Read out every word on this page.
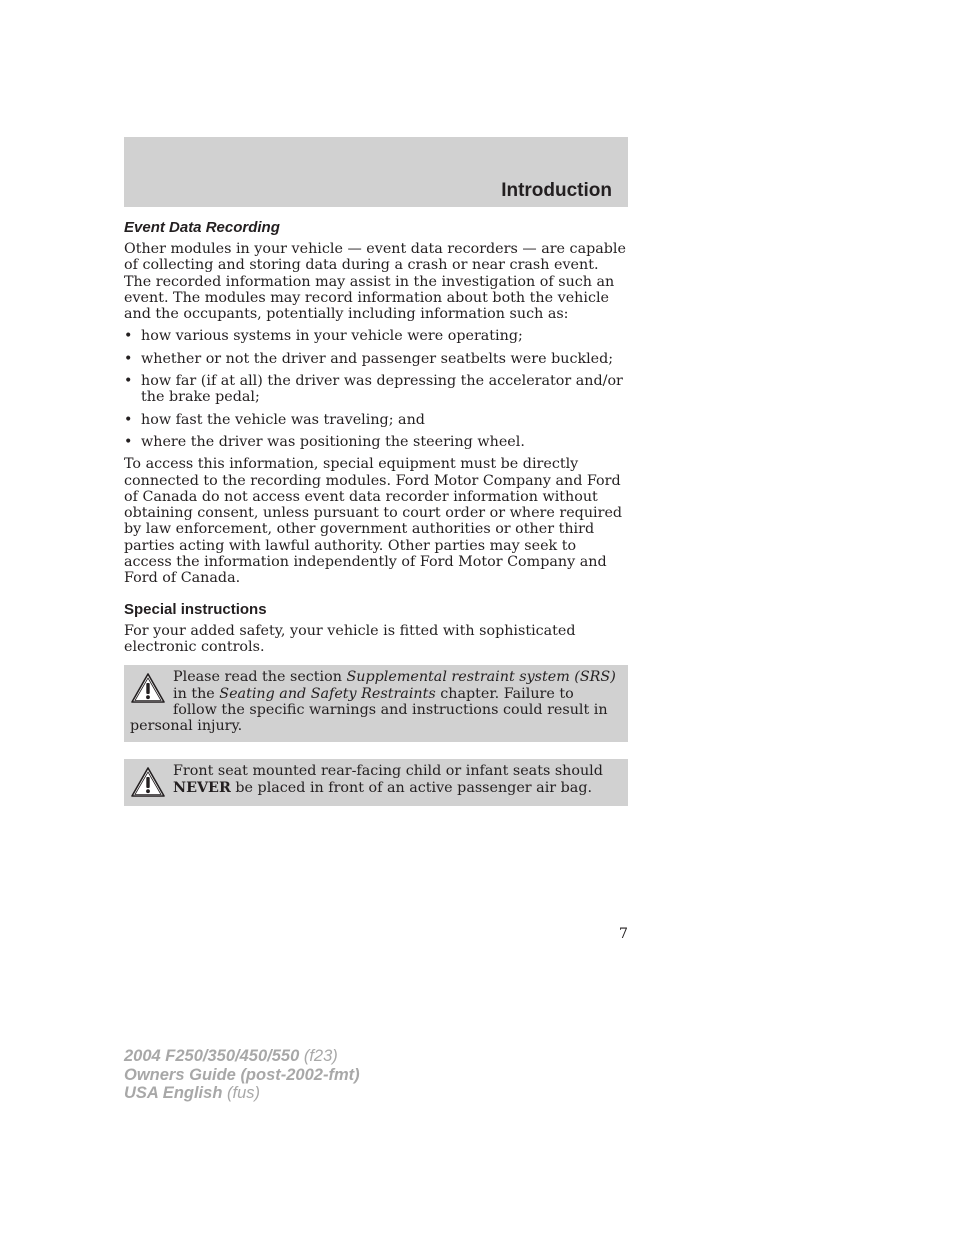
Introduction
Event Data Recording

Other modules in your vehicle — event data recorders — are capable of collecting and storing data during a crash or near crash event. The recorded information may assist in the investigation of such an event. The modules may record information about both the vehicle and the occupants, potentially including information such as:

• how various systems in your vehicle were operating;
• whether or not the driver and passenger seatbelts were buckled;
• how far (if at all) the driver was depressing the accelerator and/or the brake pedal;
• how fast the vehicle was traveling; and
• where the driver was positioning the steering wheel.

To access this information, special equipment must be directly connected to the recording modules. Ford Motor Company and Ford of Canada do not access event data recorder information without obtaining consent, unless pursuant to court order or where required by law enforcement, other government authorities or other third parties acting with lawful authority. Other parties may seek to access the information independently of Ford Motor Company and Ford of Canada.

Special instructions

For your added safety, your vehicle is fitted with sophisticated electronic controls.

Please read the section Supplemental restraint system (SRS) in the Seating and Safety Restraints chapter. Failure to follow the specific warnings and instructions could result in personal injury.
Front seat mounted rear-facing child or infant seats should NEVER be placed in front of an active passenger air bag.
7
2004 F250/350/450/550 (f23)
Owners Guide (post-2002-fmt)
USA English (fus)
